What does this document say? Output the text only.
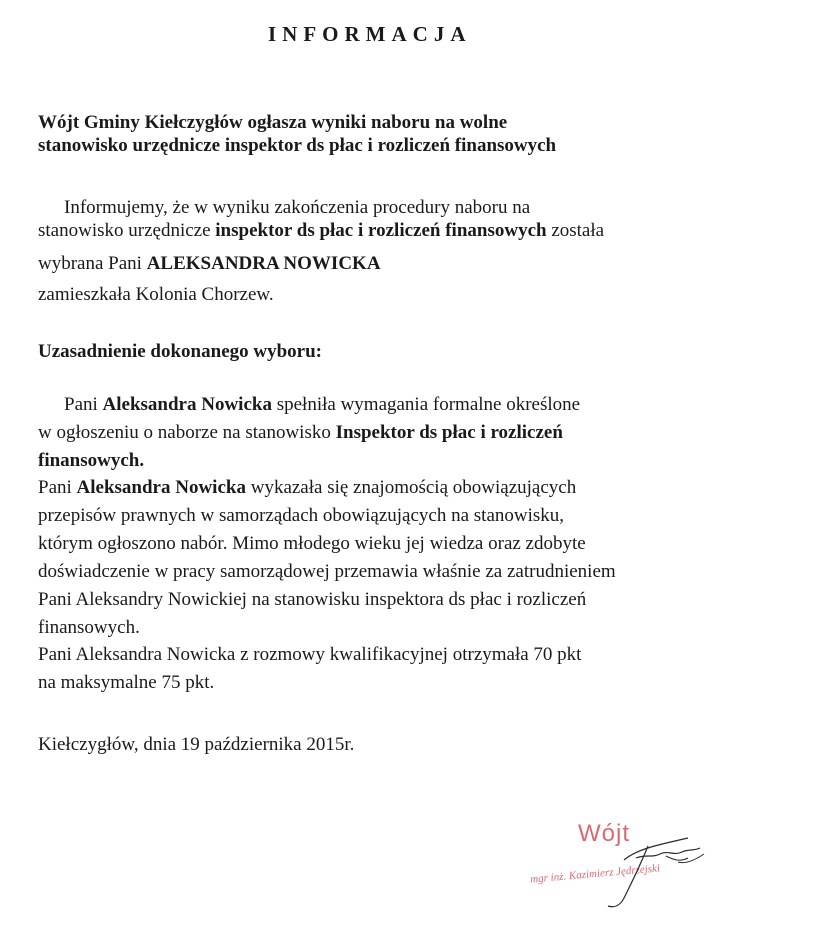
INFORMACJA
Wójt Gminy Kiełczygłów ogłasza wyniki naboru na wolne
stanowisko urzędnicze inspektor ds płac i rozliczeń finansowych
Informujemy, że w wyniku zakończenia procedury naboru na
stanowisko urzędnicze inspektor ds płac i rozliczeń finansowych została
wybrana Pani ALEKSANDRA NOWICKA
zamieszkała Kolonia Chorzew.
Uzasadnienie dokonanego wyboru:
Pani Aleksandra Nowicka spełniła wymagania formalne określone
w ogłoszeniu o naborze na stanowisko Inspektor ds płac i rozliczeń
finansowych.
Pani Aleksandra Nowicka wykazała się znajomością obowiązujących
przepisów prawnych w samorządach obowiązujących na stanowisku,
którym ogłoszono nabór. Mimo młodego wieku jej wiedza oraz zdobyte
doświadczenie w pracy samorządowej przemawia właśnie za zatrudnieniem
Pani Aleksandry Nowickiej na stanowisku inspektora ds płac i rozliczeń
finansowych.
Pani Aleksandra Nowicka z rozmowy kwalifikacyjnej otrzymała 70 pkt
na maksymalne 75 pkt.
Kiełczygłów, dnia 19 października 2015r.
Wójt
mgr inż. Kazimierz Jędrzejski
